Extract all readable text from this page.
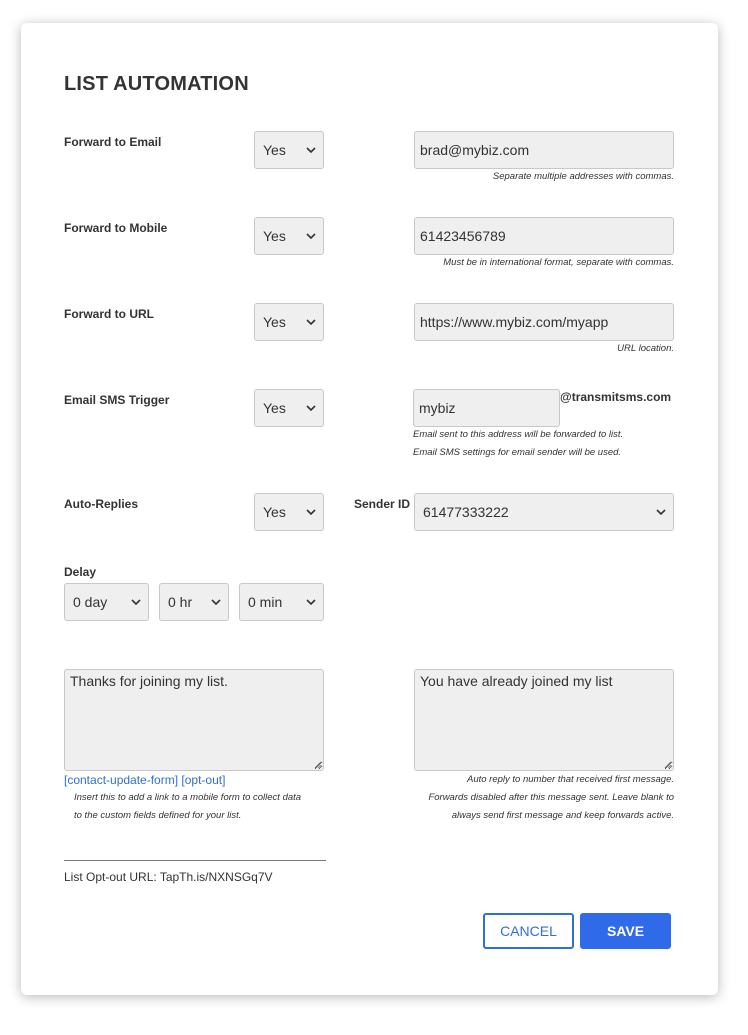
LIST AUTOMATION
Forward to Email	Yes
brad@mybiz.com
Separate multiple addresses with commas.
Forward to Mobile	Yes
61423456789
Must be in international format, separate with commas.
Forward to URL	Yes
https://www.mybiz.com/myapp
URL location.
Email SMS Trigger	Yes
mybiz
@transmitsms.com
Email sent to this address will be forwarded to list.
Email SMS settings for email sender will be used.
Auto-Replies	Yes	Sender ID 61477333222
Delay
0 day	0 hr	0 min
Thanks for joining my list.
[contact-update-form] [opt-out]
Insert this to add a link to a mobile form to collect data
to the custom fields defined for your list.
You have already joined my list
Auto reply to number that received first message.
Forwards disabled after this message sent. Leave blank to
always send first message and keep forwards active.
List Opt-out URL: TapTh.is/NXNSGq7V
CANCEL	SAVE
